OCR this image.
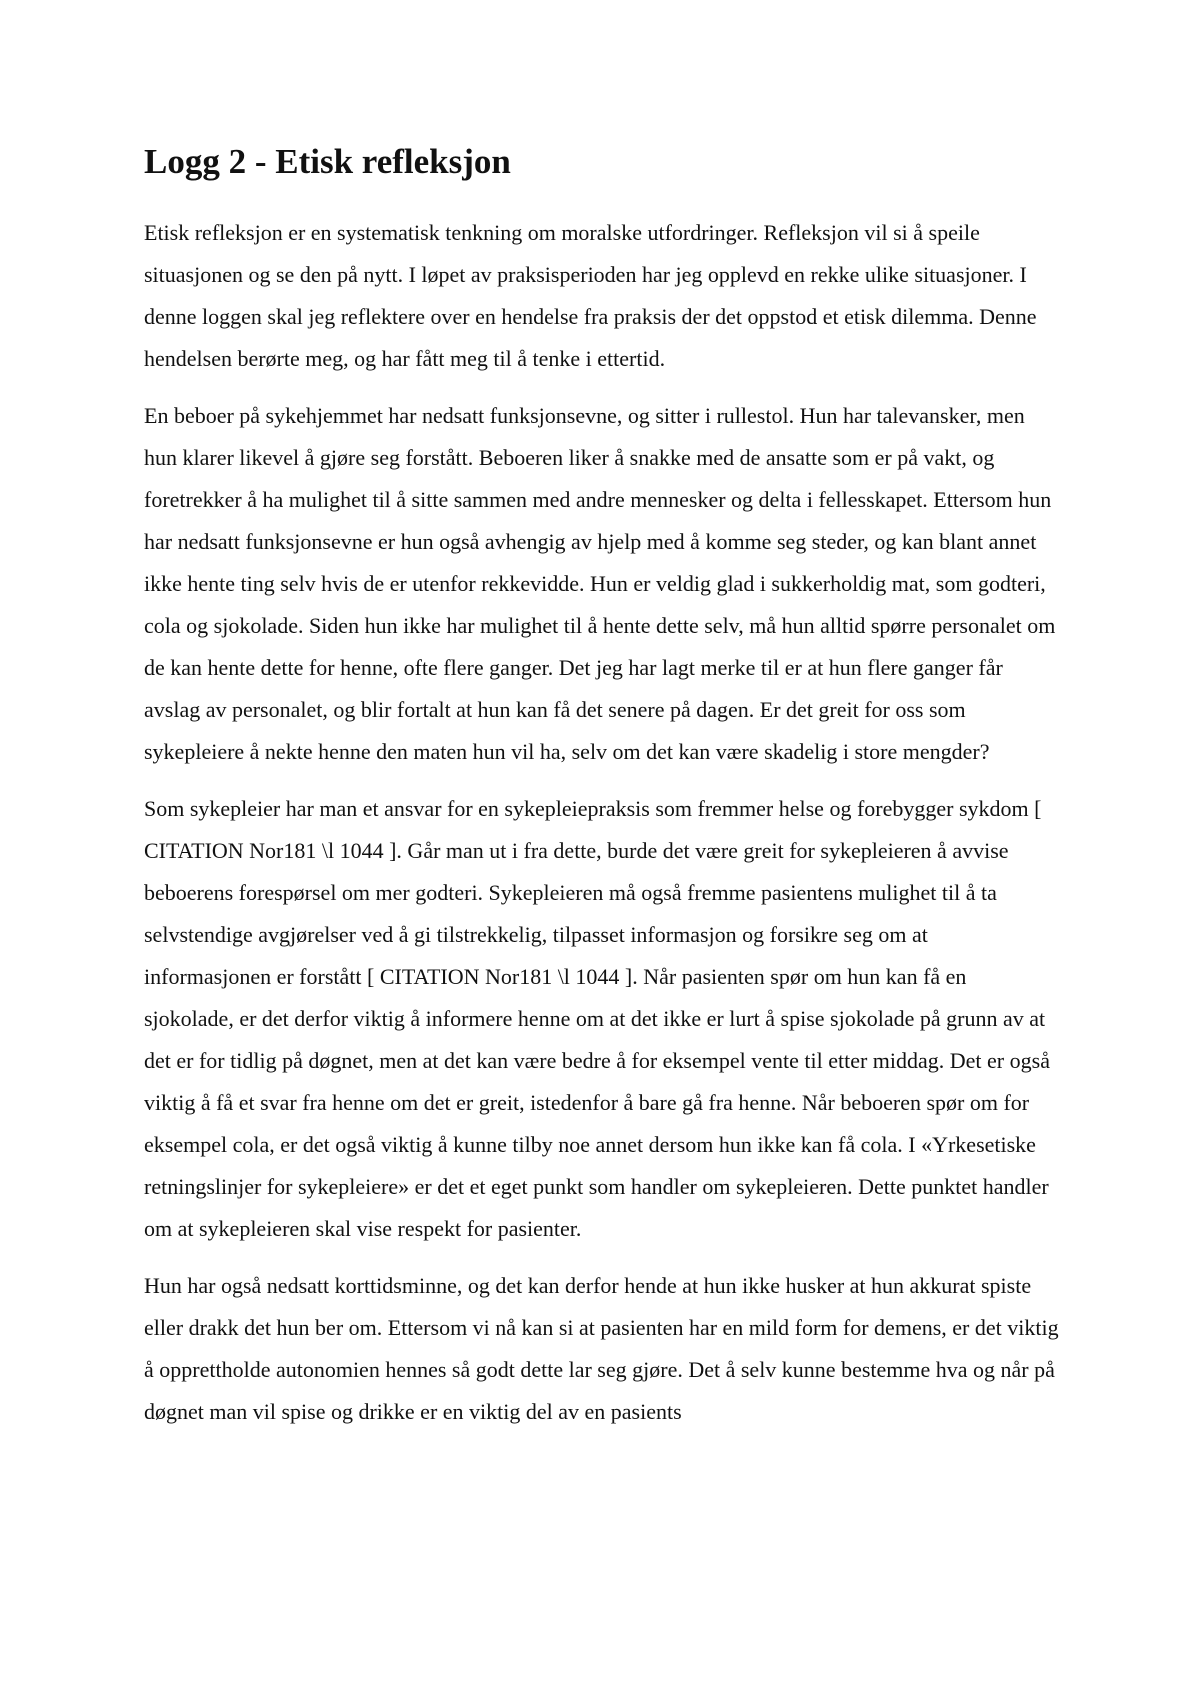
Logg 2 - Etisk refleksjon

Etisk refleksjon er en systematisk tenkning om moralske utfordringer. Refleksjon vil si å speile situasjonen og se den på nytt. I løpet av praksisperioden har jeg opplevd en rekke ulike situasjoner. I denne loggen skal jeg reflektere over en hendelse fra praksis der det oppstod et etisk dilemma. Denne hendelsen berørte meg, og har fått meg til å tenke i ettertid.

En beboer på sykehjemmet har nedsatt funksjonsevne, og sitter i rullestol. Hun har talevansker, men hun klarer likevel å gjøre seg forstått. Beboeren liker å snakke med de ansatte som er på vakt, og foretrekker å ha mulighet til å sitte sammen med andre mennesker og delta i fellesskapet. Ettersom hun har nedsatt funksjonsevne er hun også avhengig av hjelp med å komme seg steder, og kan blant annet ikke hente ting selv hvis de er utenfor rekkevidde. Hun er veldig glad i sukkerholdig mat, som godteri, cola og sjokolade. Siden hun ikke har mulighet til å hente dette selv, må hun alltid spørre personalet om de kan hente dette for henne, ofte flere ganger. Det jeg har lagt merke til er at hun flere ganger får avslag av personalet, og blir fortalt at hun kan få det senere på dagen. Er det greit for oss som sykepleiere å nekte henne den maten hun vil ha, selv om det kan være skadelig i store mengder?

Som sykepleier har man et ansvar for en sykepleiepraksis som fremmer helse og forebygger sykdom [ CITATION Nor181 \l 1044 ]. Går man ut i fra dette, burde det være greit for sykepleieren å avvise beboerens forespørsel om mer godteri. Sykepleieren må også fremme pasientens mulighet til å ta selvstendige avgjørelser ved å gi tilstrekkelig, tilpasset informasjon og forsikre seg om at informasjonen er forstått [ CITATION Nor181 \l 1044 ]. Når pasienten spør om hun kan få en sjokolade, er det derfor viktig å informere henne om at det ikke er lurt å spise sjokolade på grunn av at det er for tidlig på døgnet, men at det kan være bedre å for eksempel vente til etter middag. Det er også viktig å få et svar fra henne om det er greit, istedenfor å bare gå fra henne. Når beboeren spør om for eksempel cola, er det også viktig å kunne tilby noe annet dersom hun ikke kan få cola. I «Yrkesetiske retningslinjer for sykepleiere» er det et eget punkt som handler om sykepleieren. Dette punktet handler om at sykepleieren skal vise respekt for pasienter.

Hun har også nedsatt korttidsminne, og det kan derfor hende at hun ikke husker at hun akkurat spiste eller drakk det hun ber om. Ettersom vi nå kan si at pasienten har en mild form for demens, er det viktig å opprettholde autonomien hennes så godt dette lar seg gjøre. Det å selv kunne bestemme hva og når på døgnet man vil spise og drikke er en viktig del av en pasients
